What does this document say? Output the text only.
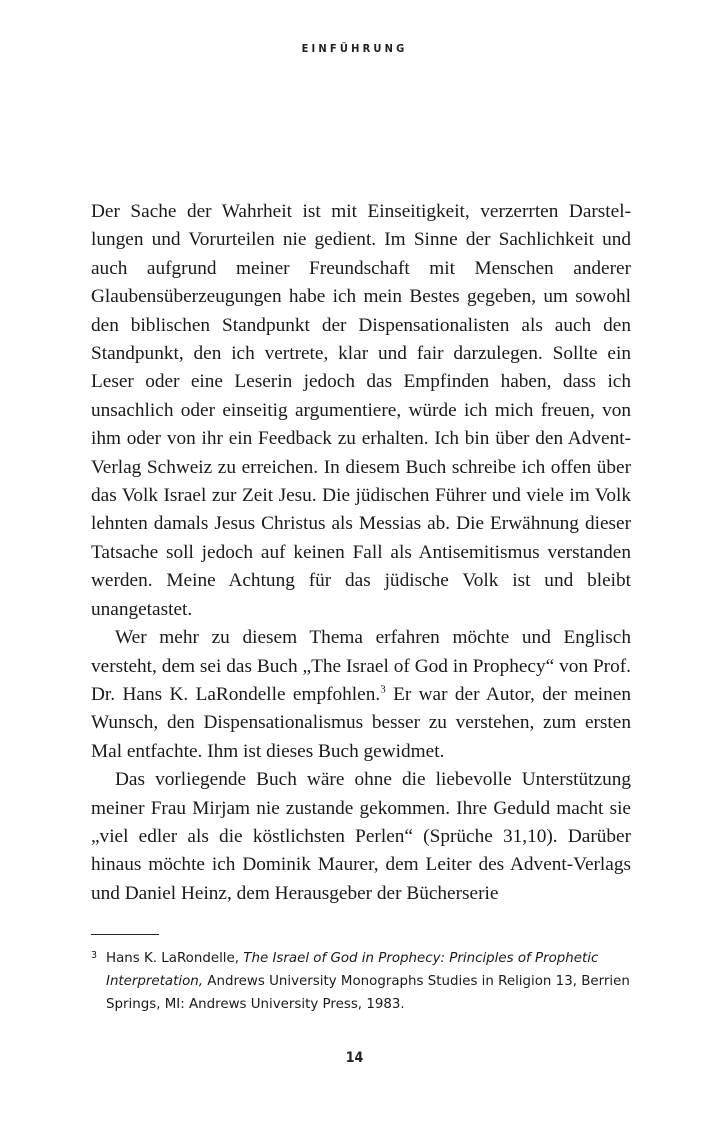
EINFÜHRUNG

Der Sache der Wahrheit ist mit Einseitigkeit, verzerrten Darstellungen und Vorurteilen nie gedient. Im Sinne der Sachlichkeit und auch aufgrund meiner Freundschaft mit Menschen anderer Glaubensüberzeugungen habe ich mein Bestes gegeben, um sowohl den biblischen Standpunkt der Dispensationalisten als auch den Standpunkt, den ich vertrete, klar und fair darzulegen. Sollte ein Leser oder eine Leserin jedoch das Empfinden haben, dass ich unsachlich oder einseitig argumentiere, würde ich mich freuen, von ihm oder von ihr ein Feedback zu erhalten. Ich bin über den Advent-Verlag Schweiz zu erreichen. In diesem Buch schreibe ich offen über das Volk Israel zur Zeit Jesu. Die jüdischen Führer und viele im Volk lehnten damals Jesus Christus als Messias ab. Die Erwähnung dieser Tatsache soll jedoch auf keinen Fall als Antisemitismus verstanden werden. Meine Achtung für das jüdische Volk ist und bleibt unangetastet.

Wer mehr zu diesem Thema erfahren möchte und Englisch versteht, dem sei das Buch „The Israel of God in Prophecy“ von Prof. Dr. Hans K. LaRondelle empfohlen.$^3$ Er war der Autor, der meinen Wunsch, den Dispensationalismus besser zu verstehen, zum ersten Mal entfachte. Ihm ist dieses Buch gewidmet.

Das vorliegende Buch wäre ohne die liebevolle Unterstützung meiner Frau Mirjam nie zustande gekommen. Ihre Geduld macht sie „viel edler als die köstlichsten Perlen“ (Sprüche 31,10). Darüber hinaus möchte ich Dominik Maurer, dem Leiter des Advent-Verlags und Daniel Heinz, dem Herausgeber der Bücherserie

3 Hans K. LaRondelle, The Israel of God in Prophecy: Principles of Prophetic Interpretation, Andrews University Monographs Studies in Religion 13, Berrien Springs, MI: Andrews University Press, 1983.
14
